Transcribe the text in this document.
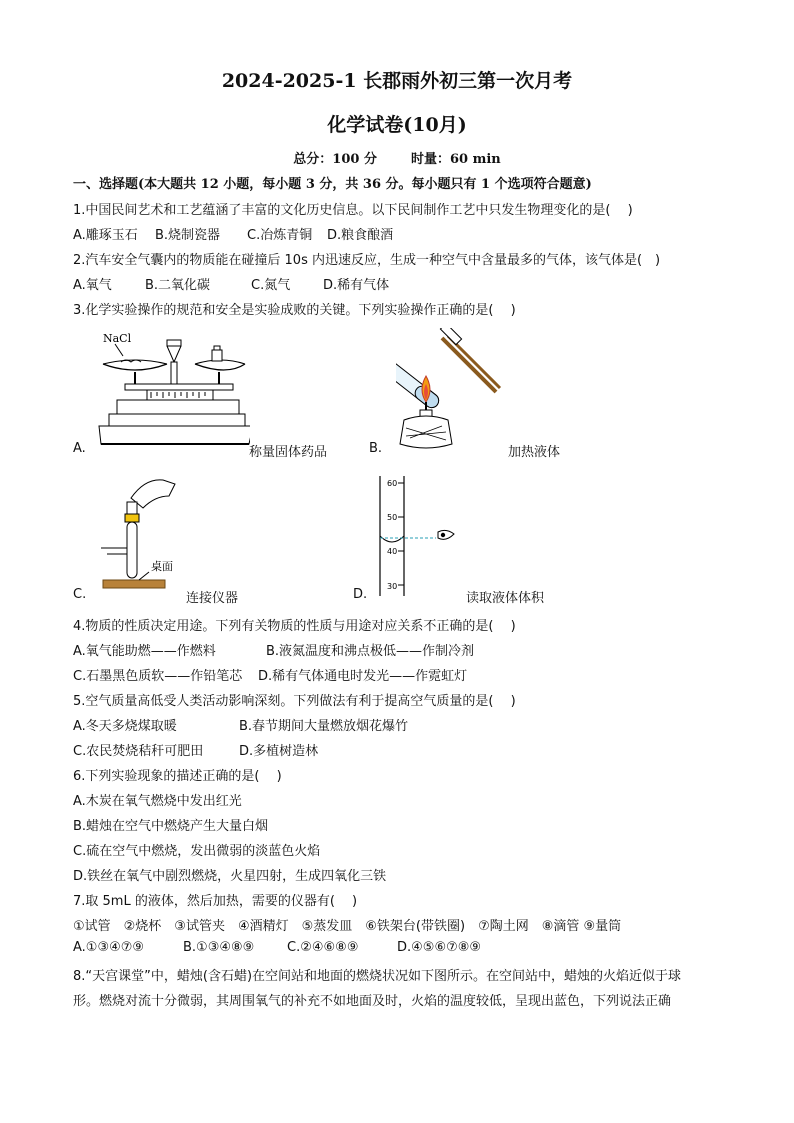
2024-2025-1 长郡雨外初三第一次月考
化学试卷(10月)
总分：100 分	时量：60 min
一、选择题(本大题共 12 小题，每小题 3 分，共 36 分。每小题只有 1 个选项符合题意)
1.中国民间艺术和工艺蕴涵了丰富的文化历史信息。以下民间制作工艺中只发生物理变化的是(　 )
A.雕琢玉石 B.烧制瓷器 C.冶炼青铜 D.粮食酿酒
2.汽车安全气囊内的物质能在碰撞后 10s 内迅速反应，生成一种空气中含量最多的气体，该气体是(　)
A.氧气	B.二氧化碳	C.氮气	D.稀有气体
3.化学实验操作的规范和安全是实验成败的关键。下列实验操作正确的是(　 )
A.
NaCl
称量固体药品	B.	加热液体
C.
桌面
连接仪器	D.
60
50
40
30
读取液体体积
4.物质的性质决定用途。下列有关物质的性质与用途对应关系不正确的是(　 )
A.氧气能助燃——作燃料	B.液氮温度和沸点极低——作制冷剂
C.石墨黑色质软——作铅笔芯 D.稀有气体通电时发光——作霓虹灯
5.空气质量高低受人类活动影响深刻。下列做法有利于提高空气质量的是(　 )
A.冬天多烧煤取暖	B.春节期间大量燃放烟花爆竹
C.农民焚烧秸秆可肥田	D.多植树造林
6.下列实验现象的描述正确的是(　 )
A.木炭在氧气燃烧中发出红光
B.蜡烛在空气中燃烧产生大量白烟
C.硫在空气中燃烧，发出微弱的淡蓝色火焰
D.铁丝在氧气中剧烈燃烧，火星四射，生成四氧化三铁
7.取 5mL 的液体，然后加热，需要的仪器有(　 )
①试管　②烧杯　③试管夹　④酒精灯　⑤蒸发皿　⑥铁架台(带铁圈)　⑦陶土网　⑧滴管 ⑨量筒
A.①③④⑦⑨	B.①③④⑧⑨	C.②④⑥⑧⑨	D.④⑤⑥⑦⑧⑨
8.“天宫课堂”中，蜡烛(含石蜡)在空间站和地面的燃烧状况如下图所示。在空间站中，蜡烛的火焰近似于球
形。燃烧对流十分微弱，其周围氧气的补充不如地面及时，火焰的温度较低，呈现出蓝色，下列说法正确
